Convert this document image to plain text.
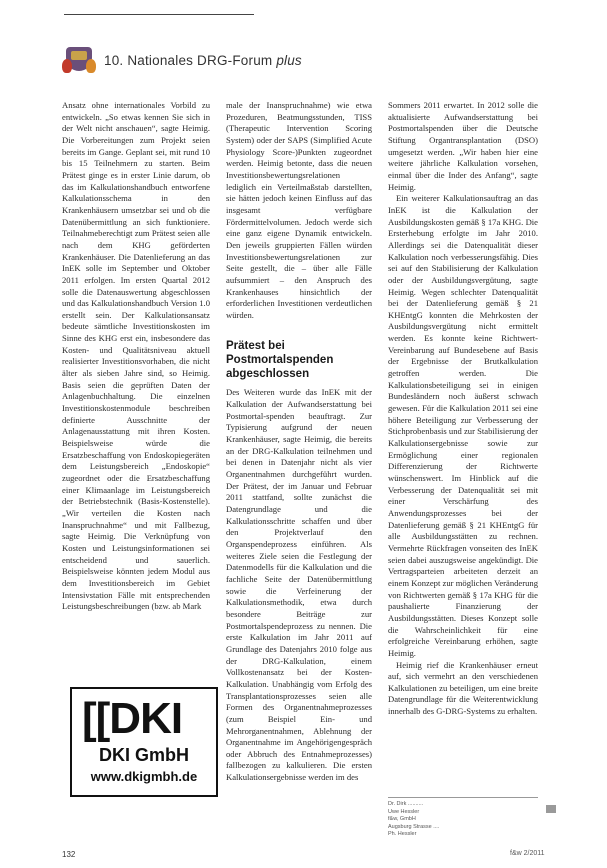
10. Nationales DRG-Forum plus

Ansatz ohne internationales Vorbild zu entwickeln. „So etwas kennen Sie sich in der Welt nicht anschauen“, sagte Heimig. Die Vorbereitungen zum Projekt seien bereits im Gange. Geplant sei, mit rund 10 bis 15 Teilnehmern zu starten. Beim Prätest ginge es in erster Linie darum, ob das im Kalkulationshandbuch entworfene Kalkulationsschema in den Krankenhäusern umsetzbar sei und ob die Datenübermittlung an sich funktioniere. Teilnahmeberechtigt zum Prätest seien alle nach dem KHG geförderten Krankenhäuser. Die Datenlieferung an das InEK solle im September und Oktober 2011 erfolgen. Im ersten Quartal 2012 solle die Datenauswertung abgeschlossen und das Kalkulationshandbuch Version 1.0 erstellt sein. Der Kalkulationsansatz bedeute sämtliche Investitionskosten im Sinne des KHG erst ein, insbesondere das Kosten- und Qualitätsniveau aktuell realisierter Investitionsvorhaben, die nicht älter als sieben Jahre sind, so Heimig. Basis seien die geprüften Daten der Anlagenbuchhaltung. Die einzelnen Investitionskostenmodule beschreiben definierte Ausschnitte der Anlagenausstattung mit ihren Kosten. Beispielsweise würde die Ersatzbeschaffung von Endoskopiegeräten dem Leistungsbereich „Endoskopie“ zugeordnet oder die Ersatzbeschaffung einer Klimaanlage im Leistungsbereich der Betriebstechnik (Basis-Kostenstelle). „Wir verteilen die Kosten nach Inanspruchnahme“ und mit Fallbezug, sagte Heimig. Die Verknüpfung von Kosten und Leistungsinformationen sei entscheidend und sauerlich. Beispielsweise könnten jedem Modul aus dem Investitionsbereich im Gebiet Intensivstation Fälle mit entsprechenden Leistungsbeschreibungen (bzw. ab Mark

male der Inanspruchnahme) wie etwa Prozeduren, Beatmungsstunden, TISS (Therapeutic Intervention Scoring System) oder der SAPS (Simplified Acute Physiology Score-)Punkten zugeordnet werden. Heimig betonte, dass die neuen Investitionsbewertungsrelationen lediglich ein Verteilmaßstab darstellten, sie hätten jedoch keinen Einfluss auf das insgesamt verfügbare Fördermittelvolumen. Jedoch werde sich eine ganz eigene Dynamik entwickeln. Den jeweils gruppierten Fällen würden Investitionsbewertungsrelationen zur Seite gestellt, die – über alle Fälle aufsummiert – den Anspruch des Krankenhauses hinsichtlich der erforderlichen Investitionen verdeutlichen würden.

Prätest bei Postmortalspenden abgeschlossen

Des Weiteren wurde das InEK mit der Kalkulation der Aufwandserstattung bei Postmortal-spenden beauftragt. Zur Typisierung aufgrund der neuen Krankenhäuser, sagte Heimig, die bereits an der DRG-Kalkulation teilnehmen und bei denen in Datenjahr nicht als vier Organentnahmen durchgeführt wurden. Der Prätest, der im Januar und Februar 2011 stattfand, sollte zunächst die Datengrundlage und die Kalkulationsschritte schaffen und über den Projektverlauf den Organspendeprozess einführen. Als weiteres Ziele seien die Festlegung der Datenmodells für die Kalkulation und die fachliche Seite der Datenübermittlung sowie die Verfeinerung der Kalkulationsmethodik, etwa durch besondere Beiträge zur Postmortalspendeprozess zu nennen. Die erste Kalkulation im Jahr 2011 auf Grundlage des Datenjahrs 2010 folge aus der DRG-Kalkulation, einem Vollkostenansatz bei der Kosten-Kalkulation. Unabhängig vom Erfolg des Transplantationsprozesses seien alle Formen des Organentnahmeprozesses (zum Beispiel Ein- und Mehrorganentnahmen, Ablehnung der Organentnahme im Angehörigengespräch oder Abbruch des Entnahmeprozesses) fallbezogen zu kalkulieren. Die ersten Kalkulationsergebnisse werden im des

Sommers 2011 erwartet. In 2012 solle die aktualisierte Aufwandserstattung bei Postmortalspenden über die Deutsche Stiftung Organtransplantation (DSO) umgesetzt werden. „Wir haben hier eine weitere jährliche Kalkulation vorsehen, einmal über die Inder des Anfang“, sagte Heimig.

Ein weiterer Kalkulationsauftrag an das InEK ist die Kalkulation der Ausbildungskosten gemäß § 17a KHG. Die Ersterhebung erfolgte im Jahr 2010. Allerdings sei die Datenqualität dieser Kalkulation noch verbesserungsfähig. Dies sei auf den Stabilisierung der Kalkulation oder der Ausbildungsvergütung, sagte Heimig. Wegen schlechter Datenqualität bei der Datenlieferung gemäß § 21 KHEntgG konnten die Mehrkosten der Ausbildungsvergütung nicht ermittelt werden. Es konnte keine Richtwert-Vereinbarung auf Bundesebene auf Basis der Ergebnisse der Brutkalkulation getroffen werden. Die Kalkulationsbeteiligung sei in einigen Bundesländern noch äußerst schwach gewesen. Für die Kalkulation 2011 sei eine höhere Beteiligung zur Verbesserung der Stichprobenbasis und zur Stabilisierung der Kalkulationsergebnisse sowie zur Ermöglichung einer regionalen Differenzierung der Richtwerte wünschenswert. Im Hinblick auf die Verbesserung der Datenqualität sei mit einer Verschärfung des Anwendungsprozesses bei der Datenlieferung gemäß § 21 KHEntgG für alle Ausbildungsstätten zu rechnen. Vermehrte Rückfragen vonseiten des InEK seien dabei auszugsweise angekündigt. Die Vertragsparteien arbeiteten derzeit an einem Konzept zur möglichen Veränderung von Richtwerten gemäß § 17a KHG für die paushalierte Finanzierung der Ausbildungsstätten. Dieses Konzept solle die Wahrscheinlichkeit für eine erfolgreiche Vereinbarung erhöhen, sagte Heimig.

Heimig rief die Krankenhäuser erneut auf, sich vermehrt an den verschiedenen Kalkulationen zu beteiligen, um eine breite Datengrundlage für die Weiterentwicklung innerhalb des G-DRG-Systems zu erhalten.

[[DKI
DKI GmbH
www.dkigmbh.de
Dr. Dirk ..........
Uwe Hessler
f&w, GmbH
Augsburg Strasse ....
Ph. Hessler
132	f&w 2/2011
